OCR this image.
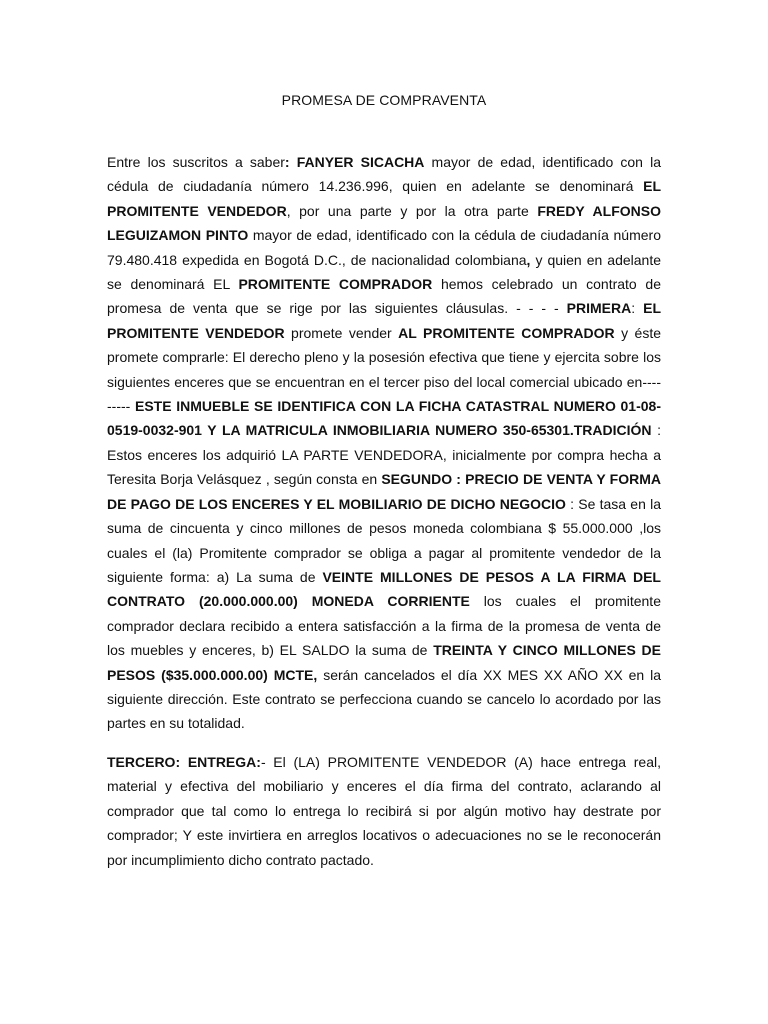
PROMESA DE COMPRAVENTA

Entre los suscritos a saber: FANYER SICACHA mayor de edad, identificado con la cédula de ciudadanía número 14.236.996, quien en adelante se denominará EL PROMITENTE VENDEDOR, por una parte y por la otra parte FREDY ALFONSO LEGUIZAMON PINTO mayor de edad, identificado con la cédula de ciudadanía número 79.480.418 expedida en Bogotá D.C., de nacionalidad colombiana, y quien en adelante se denominará EL PROMITENTE COMPRADOR hemos celebrado un contrato de promesa de venta que se rige por las siguientes cláusulas. - - - - PRIMERA: EL PROMITENTE VENDEDOR promete vender AL PROMITENTE COMPRADOR y éste promete comprarle: El derecho pleno y la posesión efectiva que tiene y ejercita sobre los siguientes enceres que se encuentran en el tercer piso del local comercial ubicado en--------- ESTE INMUEBLE SE IDENTIFICA CON LA FICHA CATASTRAL NUMERO 01-08-0519-0032-901 Y LA MATRICULA INMOBILIARIA NUMERO 350-65301.TRADICIÓN : Estos enceres los adquirió LA PARTE VENDEDORA, inicialmente por compra hecha a Teresita Borja Velásquez , según consta en SEGUNDO : PRECIO DE VENTA Y FORMA DE PAGO DE LOS ENCERES Y EL MOBILIARIO DE DICHO NEGOCIO : Se tasa en la suma de cincuenta y cinco millones de pesos moneda colombiana $ 55.000.000 ,los cuales el (la) Promitente comprador se obliga a pagar al promitente vendedor de la siguiente forma: a) La suma de VEINTE MILLONES DE PESOS A LA FIRMA DEL CONTRATO (20.000.000.00) MONEDA CORRIENTE los cuales el promitente comprador declara recibido a entera satisfacción a la firma de la promesa de venta de los muebles y enceres, b) EL SALDO la suma de TREINTA Y CINCO MILLONES DE PESOS ($35.000.000.00) MCTE, serán cancelados el día XX MES XX AÑO XX en la siguiente dirección. Este contrato se perfecciona cuando se cancelo lo acordado por las partes en su totalidad.

TERCERO: ENTREGA:- El (LA) PROMITENTE VENDEDOR (A) hace entrega real, material y efectiva del mobiliario y enceres el día firma del contrato, aclarando al comprador que tal como lo entrega lo recibirá si por algún motivo hay destrate por comprador; Y este invirtiera en arreglos locativos o adecuaciones no se le reconocerán por incumplimiento dicho contrato pactado.
